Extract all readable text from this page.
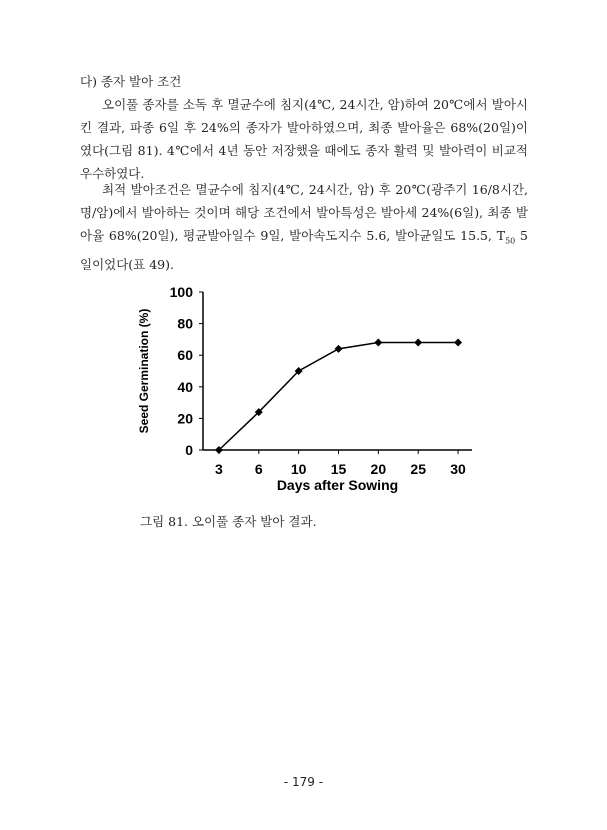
다) 종자 발아 조건
오이풀 종자를 소독 후 멸균수에 침지(4℃, 24시간, 암)하여 20℃에서 발아시킨 결과, 파종 6일 후 24%의 종자가 발아하였으며, 최종 발아율은 68%(20일)이였다(그림 81). 4℃에서 4년 동안 저장했을 때에도 종자 활력 및 발아력이 비교적 우수하였다.
최적 발아조건은 멸균수에 침지(4℃, 24시간, 암) 후 20℃(광주기 16/8시간, 명/암)에서 발아하는 것이며 해당 조건에서 발아특성은 발아세 24%(6일), 최종 발아율 68%(20일), 평균발아일수 9일, 발아속도지수 5.6, 발아균일도 15.5, $T_{50}$ 5일이었다(표 49).
0
20
40
60
80
100
3 6 10 15 20 25 30
Days after Sowing
Seed Germination (%)
그림 81. 오이풀 종자 발아 결과.
- 179 -
